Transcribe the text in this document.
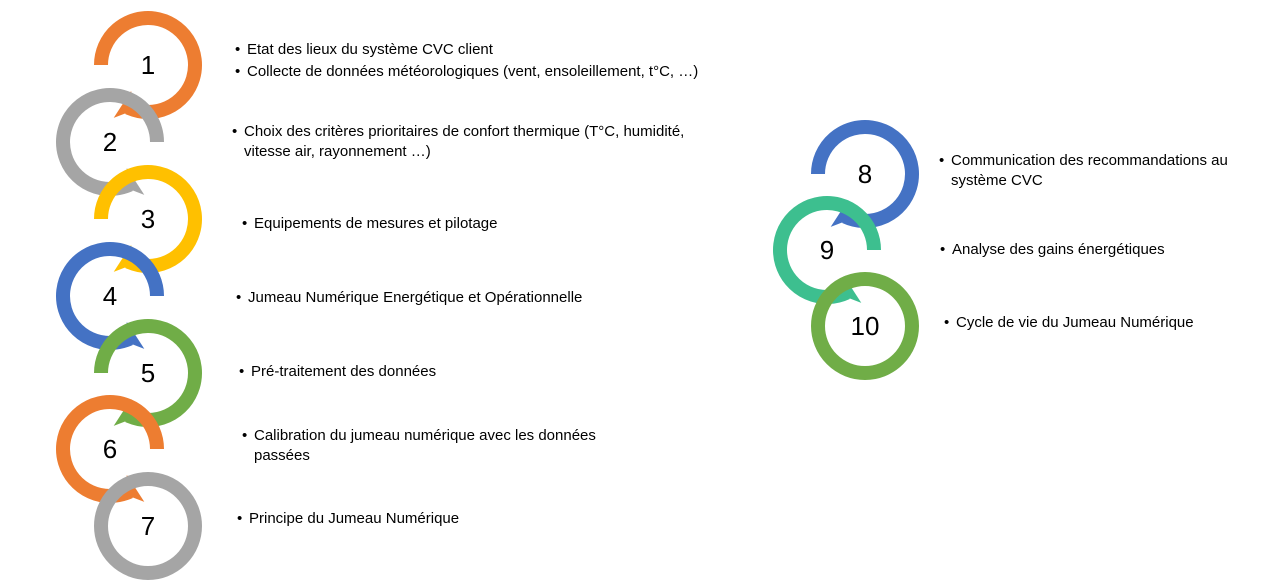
1
2
3
4
5
6
7
8
9
10
• Etat des lieux du système CVC client
• Collecte de données météorologiques (vent, ensoleillement, t°C, …)
• Choix des critères prioritaires de confort thermique (T°C, humidité,
vitesse air, rayonnement …)
• Equipements de mesures et pilotage
• Jumeau Numérique Energétique et Opérationnelle
• Pré-traitement des données
• Calibration du jumeau numérique avec les données
passées
• Principe du Jumeau Numérique
• Communication des recommandations au
système CVC
• Analyse des gains énergétiques
• Cycle de vie du Jumeau Numérique
